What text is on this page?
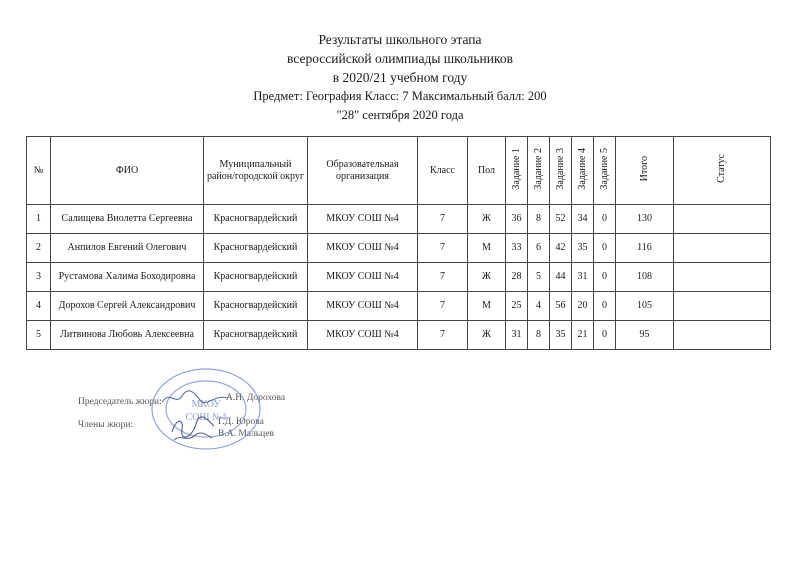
Результаты школьного этапа
всероссийской олимпиады школьников
в 2020/21 учебном году
Предмет: География Класс: 7 Максимальный балл: 200
"28" сентября 2020 года
№	ФИО	Муниципальный район/городской округ	Образовательная организация	Класс	Пол	Задание 1	Задание 2	Задание 3	Задание 4	Задание 5	Итого	Статус
1	Салищева Виолетта Сергеевна	Красногвардейский	МКОУ СОШ №4	7	Ж	36	8	52	34	0	130	
2	Анпилов Евгений Олегович	Красногвардейский	МКОУ СОШ №4	7	М	33	6	42	35	0	116	
3	Рустамова Халима Боходировна	Красногвардейский	МКОУ СОШ №4	7	Ж	28	5	44	31	0	108	
4	Дорохов Сергей Александрович	Красногвардейский	МКОУ СОШ №4	7	М	25	4	56	20	0	105	
5	Литвинова Любовь Алексеевна	Красногвардейский	МКОУ СОШ №4	7	Ж	31	8	35	21	0	95	
Председатель жюри:	А.Н. Дорохова
Члены жюри:	Г.Д. Юрова
В.А. Мальцев
МКОУ
СОШ №4
